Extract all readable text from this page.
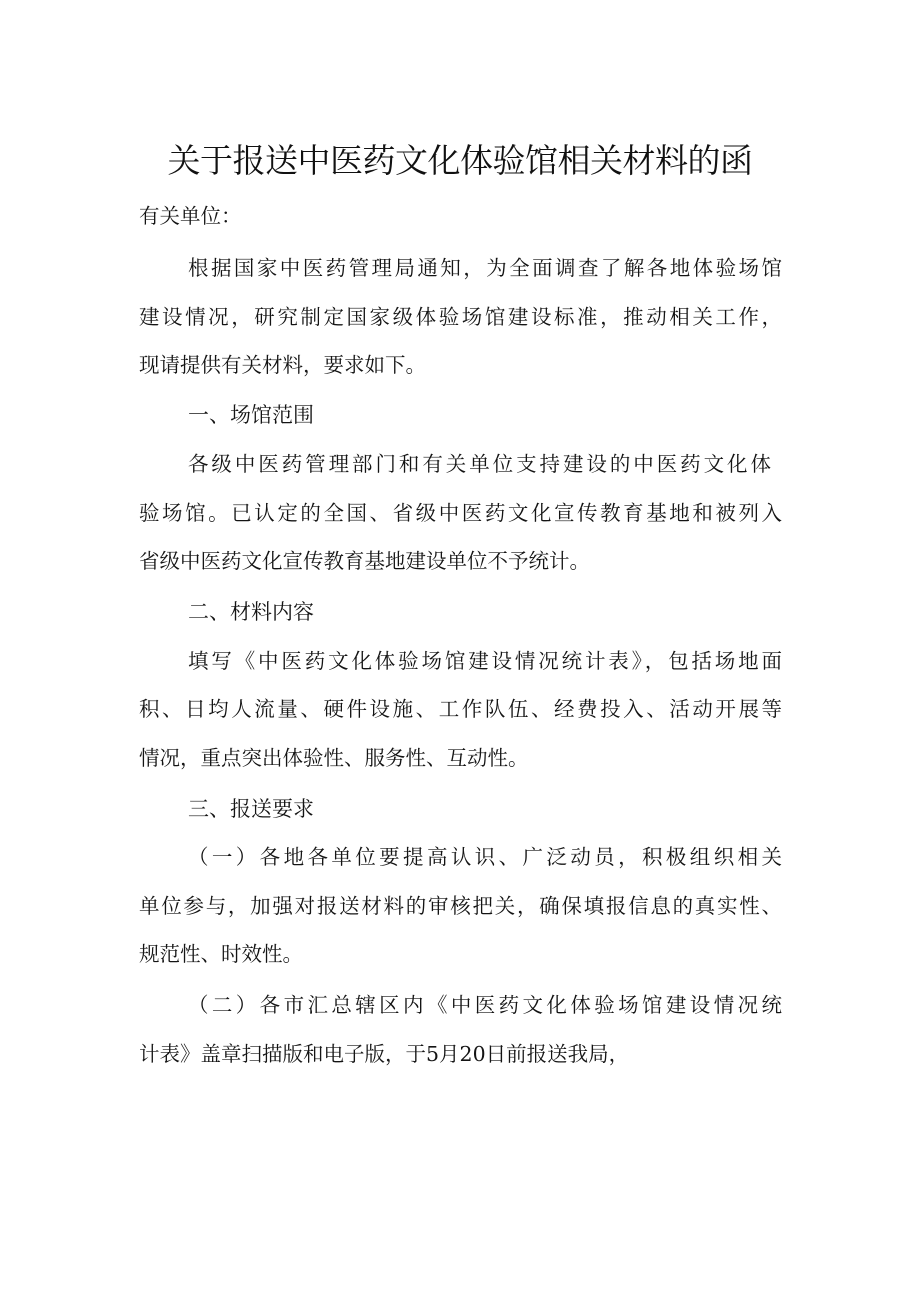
关于报送中医药文化体验馆相关材料的函
有关单位：
根据国家中医药管理局通知，为全面调查了解各地体验场馆
建设情况，研究制定国家级体验场馆建设标准，推动相关工作，
现请提供有关材料，要求如下。
一、场馆范围
各级中医药管理部门和有关单位支持建设的中医药文化体
验场馆。已认定的全国、省级中医药文化宣传教育基地和被列入
省级中医药文化宣传教育基地建设单位不予统计。
二、材料内容
填写《中医药文化体验场馆建设情况统计表》，包括场地面
积、日均人流量、硬件设施、工作队伍、经费投入、活动开展等
情况，重点突出体验性、服务性、互动性。
三、报送要求
（一）各地各单位要提高认识、广泛动员，积极组织相关
单位参与，加强对报送材料的审核把关，确保填报信息的真实性、
规范性、时效性。
（二）各市汇总辖区内《中医药文化体验场馆建设情况统
计表》盖章扫描版和电子版，于5月20日前报送我局，
